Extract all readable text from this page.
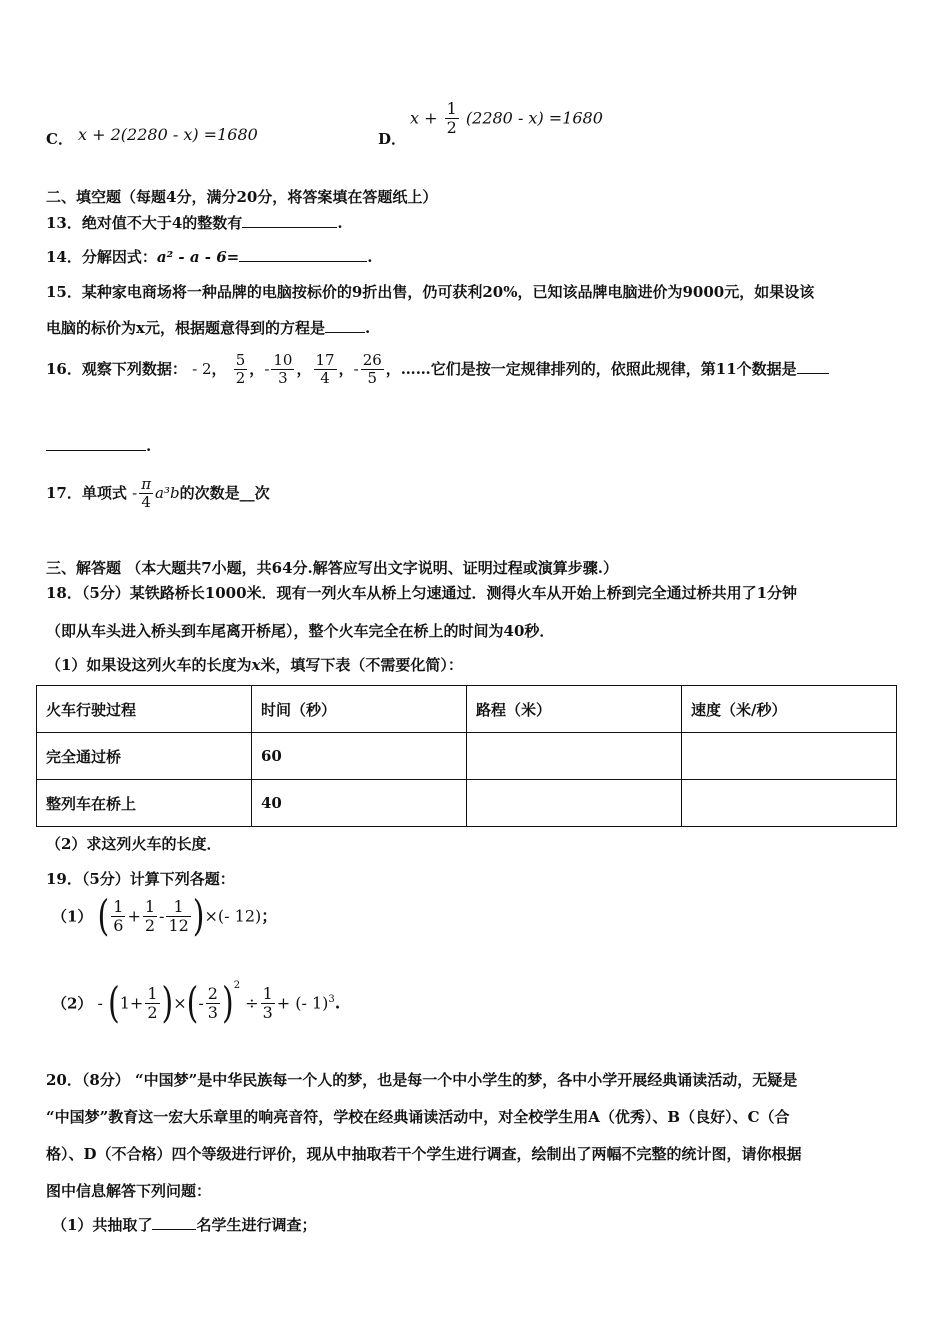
C． x + 2(2280 - x) =1680	D．
$x + \frac{1}{2} (2280 - x) =1680$
二、填空题（每题4分，满分20分，将答案填在答题纸上）
13．绝对值不大于4的整数有	.
14．分解因式：a² - a - 6=	.
15．某种家电商场将一种品牌的电脑按标价的9折出售，仍可获利20%，已知该品牌电脑进价为9000元，如果设该
电脑的标价为x元，根据题意得到的方程是	.
16．观察下列数据： - 2， $\frac{5}{2}$ ，- $\frac{10}{3}$ ， $\frac{17}{4}$ ，- $\frac{26}{5}$ ，……它们是按一定规律排列的，依照此规律，第11个数据是
.
17．单项式 - $\frac{\pi}{4} a^3b$的次数是__次
三、解答题 （本大题共7小题，共64分.解答应写出文字说明、证明过程或演算步骤.）
18．（5分）某铁路桥长1000米．现有一列火车从桥上匀速通过．测得火车从开始上桥到完全通过桥共用了1分钟
（即从车头进入桥头到车尾离开桥尾），整个火车完全在桥上的时间为40秒．
（1）如果设这列火车的长度为x米，填写下表（不需要化简）：
火车行驶过程	时间（秒）	路程（米）	速度（米/秒）
完全通过桥	60		
整列车在桥上	40		
（2）求这列火车的长度．
19．（5分）计算下列各题：
（1） ( $\frac{1}{6} + \frac{1}{2} - \frac{1}{12}$ )×(- 12)；
$(2) - (1+ \frac{1}{2}$ )×(- $\frac{2}{3} )^2 \div \frac{1}{3}$ + (- 1)$^3$.
20．（8分） “中国梦”是中华民族每一个人的梦，也是每一个中小学生的梦，各中小学开展经典诵读活动，无疑是
“中国梦”教育这一宏大乐章里的响亮音符，学校在经典诵读活动中，对全校学生用A（优秀）、B（良好）、C（合
格）、D（不合格）四个等级进行评价，现从中抽取若干个学生进行调查，绘制出了两幅不完整的统计图，请你根据
图中信息解答下列问题：
（1）共抽取了	名学生进行调查；
